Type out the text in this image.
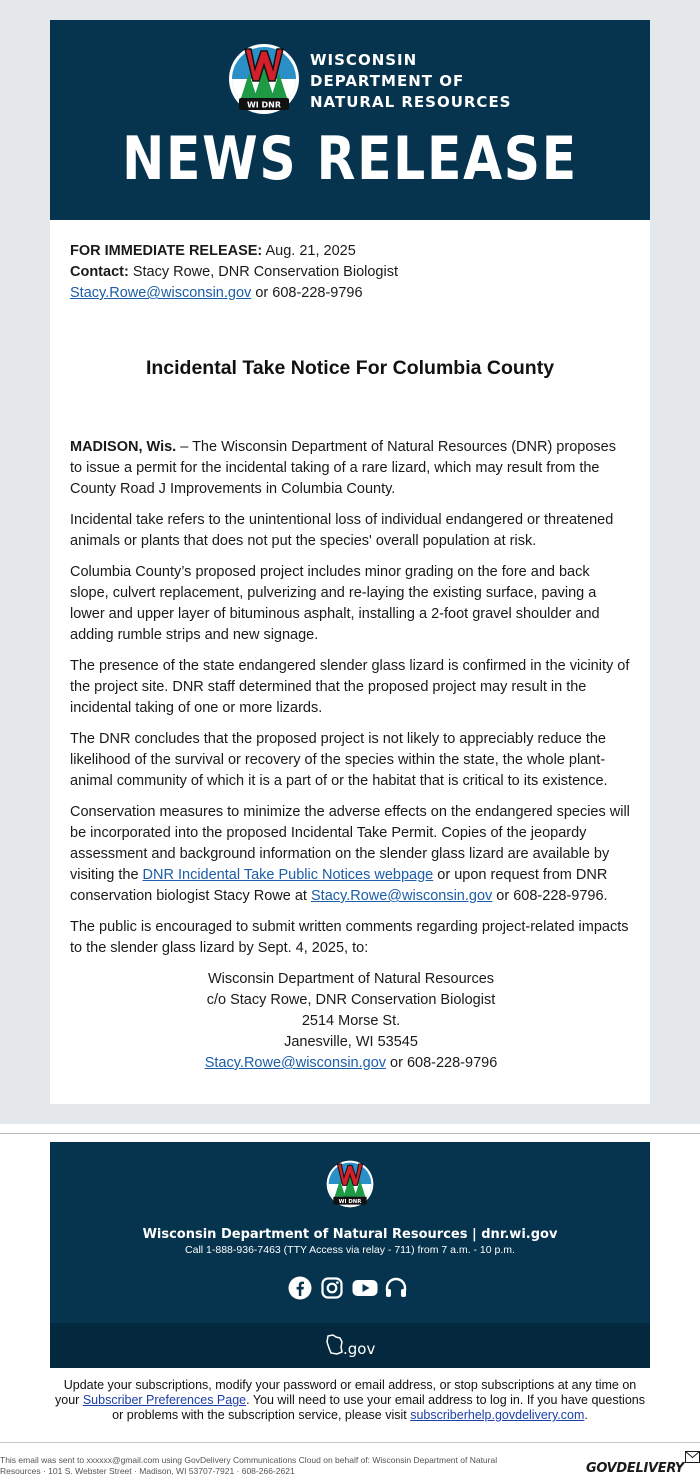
WI DNR
WISCONSIN
DEPARTMENT OF
NATURAL RESOURCES
NEWS RELEASE
FOR IMMEDIATE RELEASE: Aug. 21, 2025
Contact: Stacy Rowe, DNR Conservation Biologist
Stacy.Rowe@wisconsin.gov or 608-228-9796
Incidental Take Notice For Columbia County

MADISON, Wis. – The Wisconsin Department of Natural Resources (DNR) proposes to issue a permit for the incidental taking of a rare lizard, which may result from the County Road J Improvements in Columbia County.

Incidental take refers to the unintentional loss of individual endangered or threatened animals or plants that does not put the species' overall population at risk.

Columbia County’s proposed project includes minor grading on the fore and back slope, culvert replacement, pulverizing and re-laying the existing surface, paving a lower and upper layer of bituminous asphalt, installing a 2-foot gravel shoulder and adding rumble strips and new signage.

The presence of the state endangered slender glass lizard is confirmed in the vicinity of the project site. DNR staff determined that the proposed project may result in the incidental taking of one or more lizards.

The DNR concludes that the proposed project is not likely to appreciably reduce the likelihood of the survival or recovery of the species within the state, the whole plant-animal community of which it is a part of or the habitat that is critical to its existence.

Conservation measures to minimize the adverse effects on the endangered species will be incorporated into the proposed Incidental Take Permit. Copies of the jeopardy assessment and background information on the slender glass lizard are available by visiting the DNR Incidental Take Public Notices webpage or upon request from DNR conservation biologist Stacy Rowe at Stacy.Rowe@wisconsin.gov or 608-228-9796.

The public is encouraged to submit written comments regarding project-related impacts to the slender glass lizard by Sept. 4, 2025, to:

Wisconsin Department of Natural Resources
c/o Stacy Rowe, DNR Conservation Biologist
2514 Morse St.
Janesville, WI 53545
Stacy.Rowe@wisconsin.gov or 608-228-9796
WI DNR
Wisconsin Department of Natural Resources | dnr.wi.gov
Call 1-888-936-7463 (TTY Access via relay - 711) from 7 a.m. - 10 p.m.
.gov
Update your subscriptions, modify your password or email address, or stop subscriptions at any time on your Subscriber Preferences Page. You will need to use your email address to log in. If you have questions or problems with the subscription service, please visit subscriberhelp.govdelivery.com.
This email was sent to xxxxxx@gmail.com using GovDelivery Communications Cloud on behalf of: Wisconsin Department of Natural
Resources · 101 S. Webster Street · Madison, WI 53707-7921 · 608-266-2621	GOVDELIVERY
